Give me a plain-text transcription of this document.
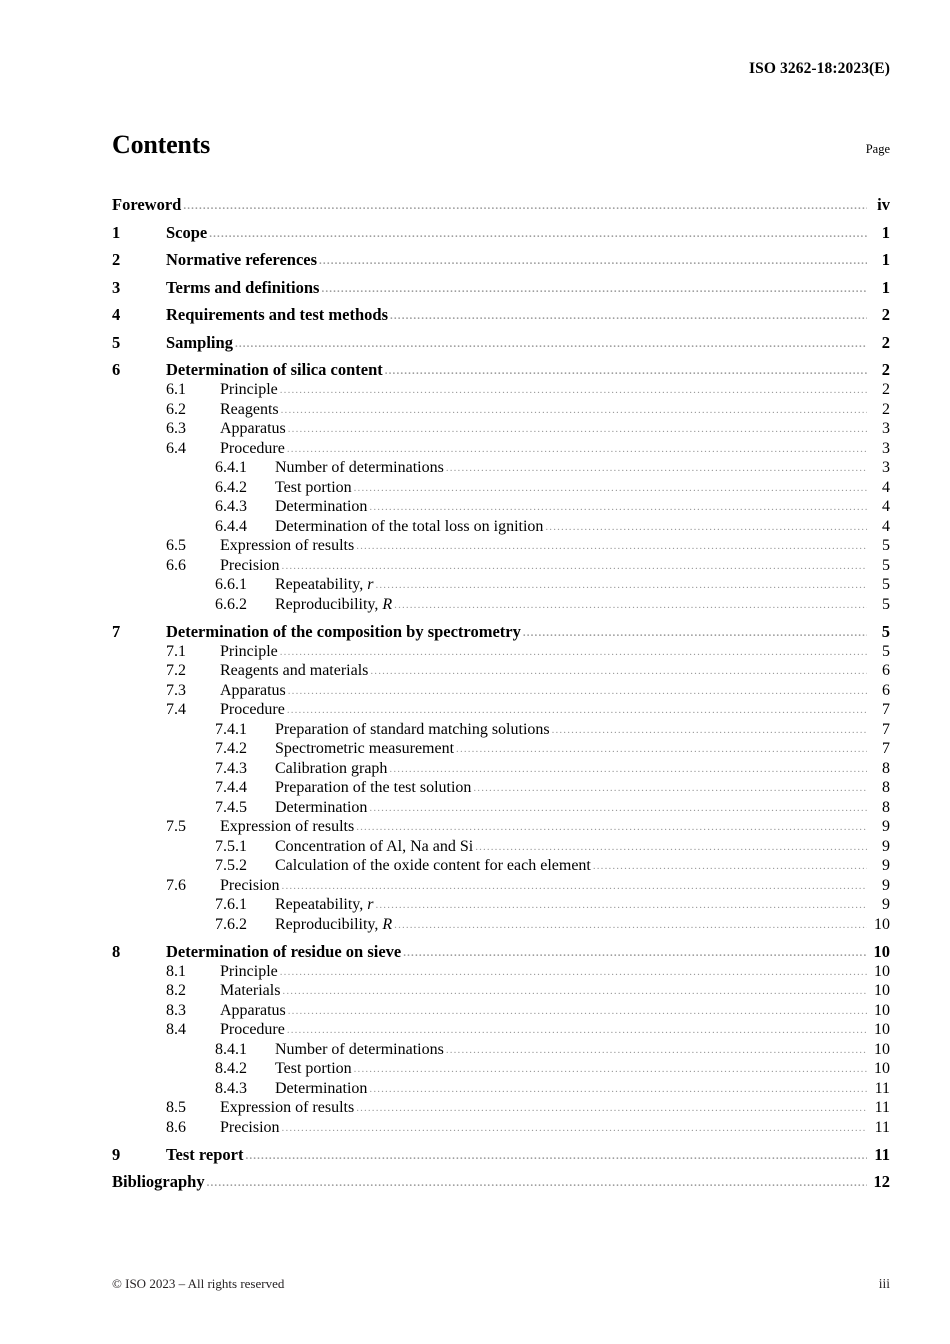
ISO 3262-18:2023(E)
Contents	Page
Foreword .....	iv
1	Scope .....	1
2	Normative references .....	1
3	Terms and definitions .....	1
4	Requirements and test methods .....	2
5	Sampling .....	2
6	Determination of silica content .....	2
6.1	Principle .....	2
6.2	Reagents .....	2
6.3	Apparatus .....	3
6.4	Procedure .....	3
6.4.1	Number of determinations .....	3
6.4.2	Test portion .....	4
6.4.3	Determination .....	4
6.4.4	Determination of the total loss on ignition .....	4
6.5	Expression of results .....	5
6.6	Precision .....	5
6.6.1	Repeatability, r .....	5
6.6.2	Reproducibility, R .....	5
7	Determination of the composition by spectrometry .....	5
7.1	Principle .....	5
7.2	Reagents and materials .....	6
7.3	Apparatus .....	6
7.4	Procedure .....	7
7.4.1	Preparation of standard matching solutions .....	7
7.4.2	Spectrometric measurement .....	7
7.4.3	Calibration graph .....	8
7.4.4	Preparation of the test solution .....	8
7.4.5	Determination .....	8
7.5	Expression of results .....	9
7.5.1	Concentration of Al, Na and Si .....	9
7.5.2	Calculation of the oxide content for each element .....	9
7.6	Precision .....	9
7.6.1	Repeatability, r .....	9
7.6.2	Reproducibility, R .....	10
8	Determination of residue on sieve .....	10
8.1	Principle .....	10
8.2	Materials .....	10
8.3	Apparatus .....	10
8.4	Procedure .....	10
8.4.1	Number of determinations .....	10
8.4.2	Test portion .....	10
8.4.3	Determination .....	11
8.5	Expression of results .....	11
8.6	Precision .....	11
9	Test report .....	11
Bibliography .....	12
© ISO 2023 – All rights reserved	iii
